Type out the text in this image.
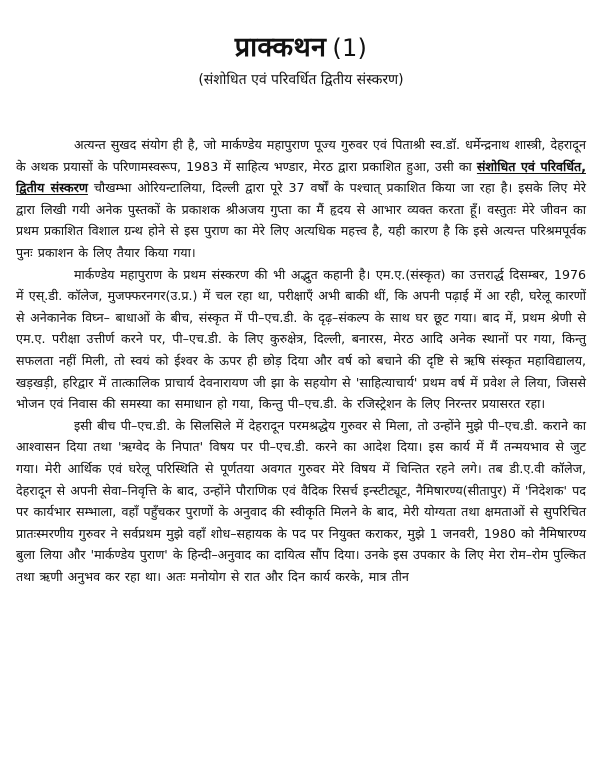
प्राक्कथन (1)
(संशोधित एवं परिवर्धित द्वितीय संस्करण)

अत्यन्त सुखद संयोग ही है, जो मार्कण्डेय महापुराण पूज्य गुरुवर एवं पिताश्री स्व.डॉ. धर्मेन्द्रनाथ शास्त्री, देहरादून के अथक प्रयासों के परिणामस्वरूप, 1983 में साहित्य भण्डार, मेरठ द्वारा प्रकाशित हुआ, उसी का संशोधित एवं परिवर्धित, द्वितीय संस्करण चौखम्भा ओरियन्टालिया, दिल्ली द्वारा पूरे 37 वर्षों के पश्चात् प्रकाशित किया जा रहा है। इसके लिए मेरे द्वारा लिखी गयी अनेक पुस्तकों के प्रकाशक श्रीअजय गुप्ता का मैं हृदय से आभार व्यक्त करता हूँ। वस्तुतः मेरे जीवन का प्रथम प्रकाशित विशाल ग्रन्थ होने से इस पुराण का मेरे लिए अत्यधिक महत्त्व है, यही कारण है कि इसे अत्यन्त परिश्रमपूर्वक पुनः प्रकाशन के लिए तैयार किया गया।

मार्कण्डेय महापुराण के प्रथम संस्करण की भी अद्भुत कहानी है। एम.ए.(संस्कृत) का उत्तरार्द्ध दिसम्बर, 1976 में एस्.डी. कॉलेज, मुजफ्फरनगर(उ.प्र.) में चल रहा था, परीक्षाएँ अभी बाकी थीं, कि अपनी पढ़ाई में आ रही, घरेलू कारणों से अनेकानेक विघ्न– बाधाओं के बीच, संस्कृत में पी–एच.डी. के दृढ़–संकल्प के साथ घर छूट गया। बाद में, प्रथम श्रेणी से एम.ए. परीक्षा उत्तीर्ण करने पर, पी–एच.डी. के लिए कुरुक्षेत्र, दिल्ली, बनारस, मेरठ आदि अनेक स्थानों पर गया, किन्तु सफलता नहीं मिली, तो स्वयं को ईश्वर के ऊपर ही छोड़ दिया और वर्ष को बचाने की दृष्टि से ऋषि संस्कृत महाविद्यालय, खड़खड़ी, हरिद्वार में तात्कालिक प्राचार्य देवनारायण जी झा के सहयोग से 'साहित्याचार्य' प्रथम वर्ष में प्रवेश ले लिया, जिससे भोजन एवं निवास की समस्या का समाधान हो गया, किन्तु पी–एच.डी. के रजिस्ट्रेशन के लिए निरन्तर प्रयासरत रहा।

इसी बीच पी–एच.डी. के सिलसिले में देहरादून परमश्रद्धेय गुरुवर से मिला, तो उन्होंने मुझे पी–एच.डी. कराने का आश्वासन दिया तथा 'ऋग्वेद के निपात' विषय पर पी–एच.डी. करने का आदेश दिया। इस कार्य में मैं तन्मयभाव से जुट गया। मेरी आर्थिक एवं घरेलू परिस्थिति से पूर्णतया अवगत गुरुवर मेरे विषय में चिन्तित रहने लगे। तब डी.ए.वी कॉलेज, देहरादून से अपनी सेवा–निवृत्ति के बाद, उन्होंने पौराणिक एवं वैदिक रिसर्च इन्स्टीट्यूट, नैमिषारण्य(सीतापुर) में 'निदेशक' पद पर कार्यभार सम्भाला, वहाँ पहुँचकर पुराणों के अनुवाद की स्वीकृति मिलने के बाद, मेरी योग्यता तथा क्षमताओं से सुपरिचित प्रातःस्मरणीय गुरुवर ने सर्वप्रथम मुझे वहाँ शोध–सहायक के पद पर नियुक्त कराकर, मुझे 1 जनवरी, 1980 को नैमिषारण्य बुला लिया और 'मार्कण्डेय पुराण' के हिन्दी–अनुवाद का दायित्व सौंप दिया। उनके इस उपकार के लिए मेरा रोम–रोम पुल्कित तथा ऋणी अनुभव कर रहा था। अतः मनोयोग से रात और दिन कार्य करके, मात्र तीन
